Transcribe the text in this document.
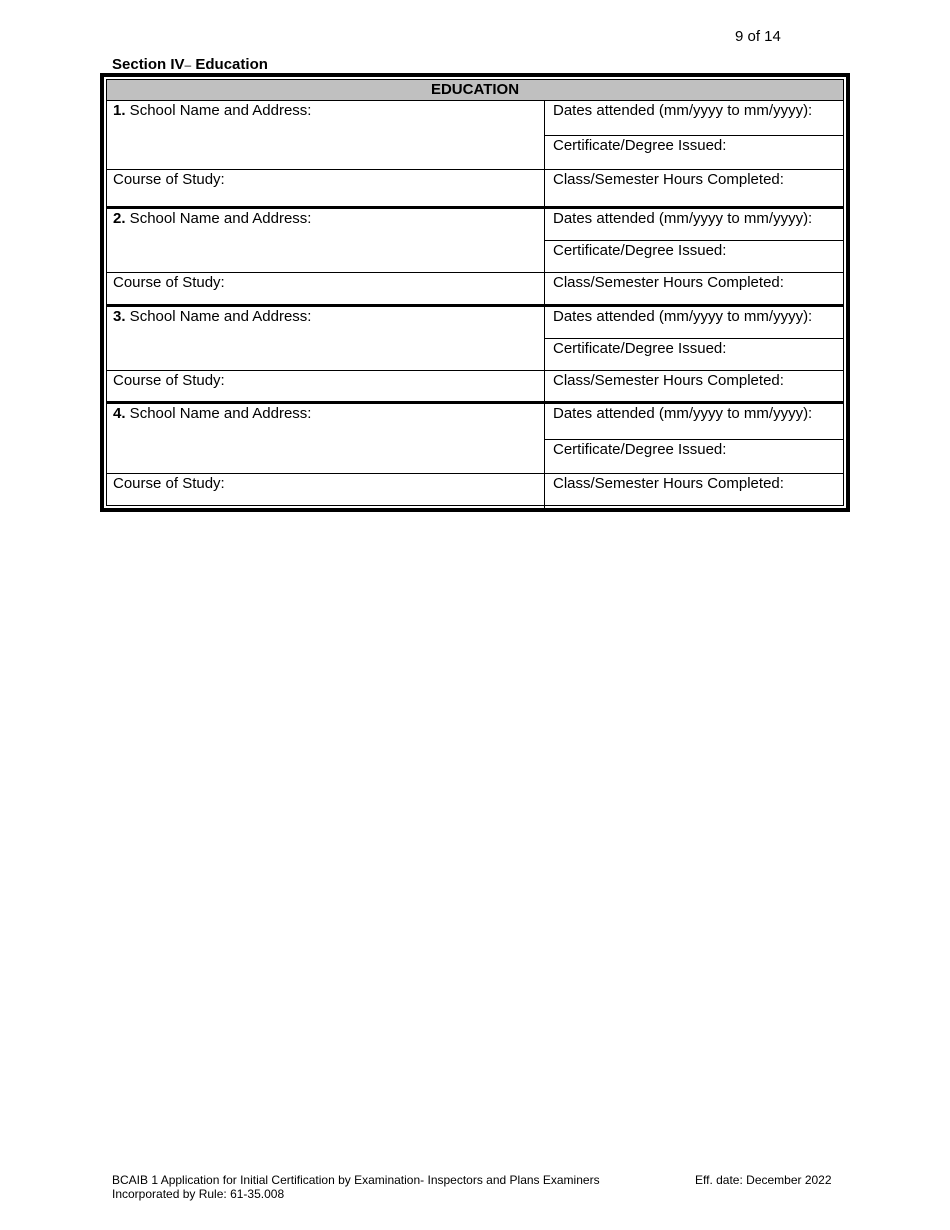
9 of 14
Section IV– Education
EDUCATION
1. School Name and Address:	Dates attended (mm/yyyy to mm/yyyy):
Certificate/Degree Issued:
Course of Study:	Class/Semester Hours Completed:
2. School Name and Address:	Dates attended (mm/yyyy to mm/yyyy):
Certificate/Degree Issued:
Course of Study:	Class/Semester Hours Completed:
3. School Name and Address:	Dates attended (mm/yyyy to mm/yyyy):
Certificate/Degree Issued:
Course of Study:	Class/Semester Hours Completed:
4. School Name and Address:	Dates attended (mm/yyyy to mm/yyyy):
Certificate/Degree Issued:
Course of Study:	Class/Semester Hours Completed:
BCAIB 1 Application for Initial Certification by Examination- Inspectors and Plans Examiners
Incorporated by Rule: 61-35.008
Eff. date: December 2022
